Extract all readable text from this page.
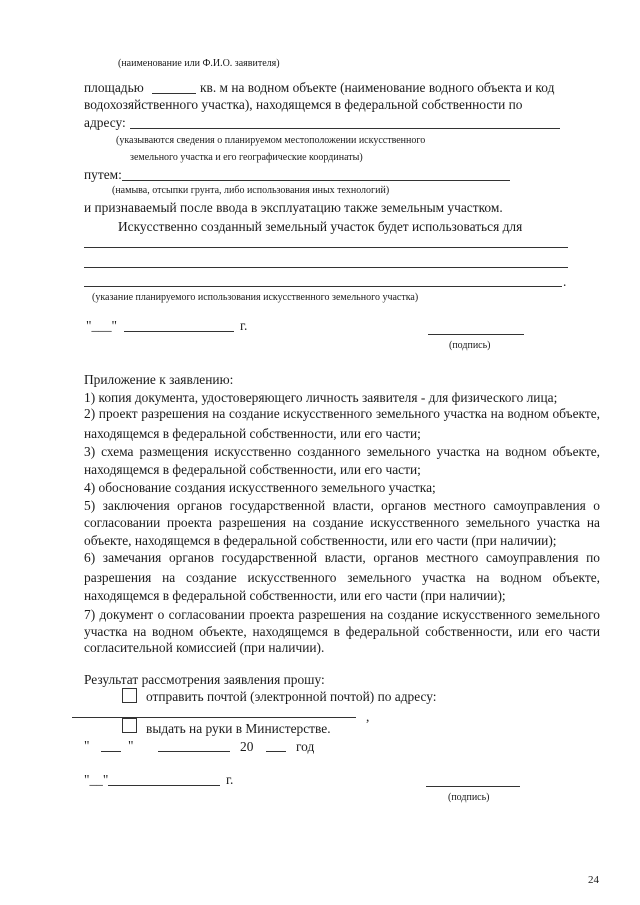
(наименование или Ф.И.О. заявителя)
площадью	кв. м на водном объекте (наименование водного объекта и код
водохозяйственного участка), находящемся в федеральной собственности по
адресу:
(указываются сведения о планируемом местоположении искусственного
земельного участка и его географические координаты)
путем:
(намыва, отсыпки грунта, либо использования иных технологий)
и признаваемый после ввода в эксплуатацию также земельным участком.
Искусственно созданный земельный участок будет использоваться для
.
(указание планируемого использования искусственного земельного участка)
"___"	г.
(подпись)
Приложение к заявлению:
1) копия документа, удостоверяющего личность заявителя - для физического лица;
2) проект разрешения на создание искусственного земельного участка на водном объекте,
находящемся в федеральной собственности, или его части;
3) схема размещения искусственно созданного земельного участка на водном объекте,
находящемся в федеральной собственности, или его части;
4) обоснование создания искусственного земельного участка;
5) заключения органов государственной власти, органов местного самоуправления о
согласовании проекта разрешения на создание искусственного земельного участка на
объекте, находящемся в федеральной собственности, или его части (при наличии);
6) замечания органов государственной власти, органов местного самоуправления по
разрешения на создание искусственного земельного участка на водном объекте,
находящемся в федеральной собственности, или его части (при наличии);
7) документ о согласовании проекта разрешения на создание искусственного земельного
участка на водном объекте, находящемся в федеральной собственности, или его части
согласительной комиссией (при наличии).
Результат рассмотрения заявления прошу:
отправить почтой (электронной почтой) по адресу:
,
выдать на руки в Министерстве.
"	"	20	год
"__"	г.
(подпись)
24
